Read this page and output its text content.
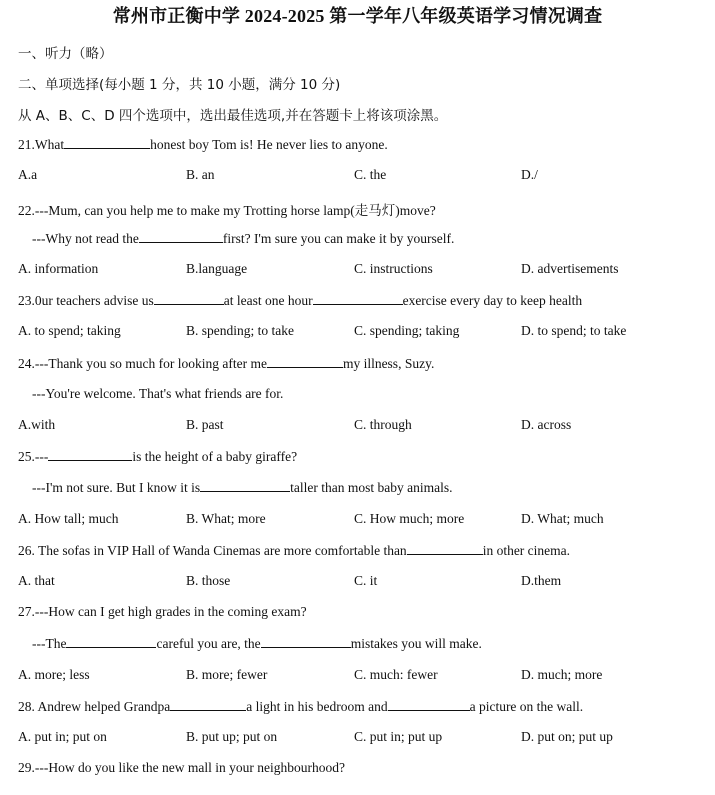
常州市正衡中学 2024-2025 第一学年八年级英语学习情况调查
一、听力（略）
二、单项选择(每小题 1 分，共 10 小题，满分 10 分)
从 A、B、C、D 四个选项中，选出最佳选项,并在答题卡上将该项涂黑。
21.What	honest boy Tom is! He never lies to anyone.
A.a	B. an	C. the	D./
22.---Mum, can you help me to make my Trotting horse lamp(走马灯)move?
---Why not read the	first? I'm sure you can make it by yourself.
A. information	B.language	C. instructions	D. advertisements
23.0ur teachers advise us	at least one hour	exercise every day to keep health
A. to spend; taking	B. spending; to take	C. spending; taking	D. to spend; to take
24.---Thank you so much for looking after me	my illness, Suzy.
---You're welcome. That's what friends are for.
A.with	B. past	C. through	D. across
25.---	is the height of a baby giraffe?
---I'm not sure. But I know it is	taller than most baby animals.
A. How tall; much	B. What; more	C. How much; more	D. What; much
26. The sofas in VIP Hall of Wanda Cinemas are more comfortable than	in other cinema.
A. that	B. those	C. it	D.them
27.---How can I get high grades in the coming exam?
---The	careful you are, the	mistakes you will make.
A. more; less	B. more; fewer	C. much: fewer	D. much; more
28. Andrew helped Grandpa	a light in his bedroom and	a picture on the wall.
A. put in; put on	B. put up; put on	C. put in; put up	D. put on; put up
29.---How do you like the new mall in your neighbourhood?
